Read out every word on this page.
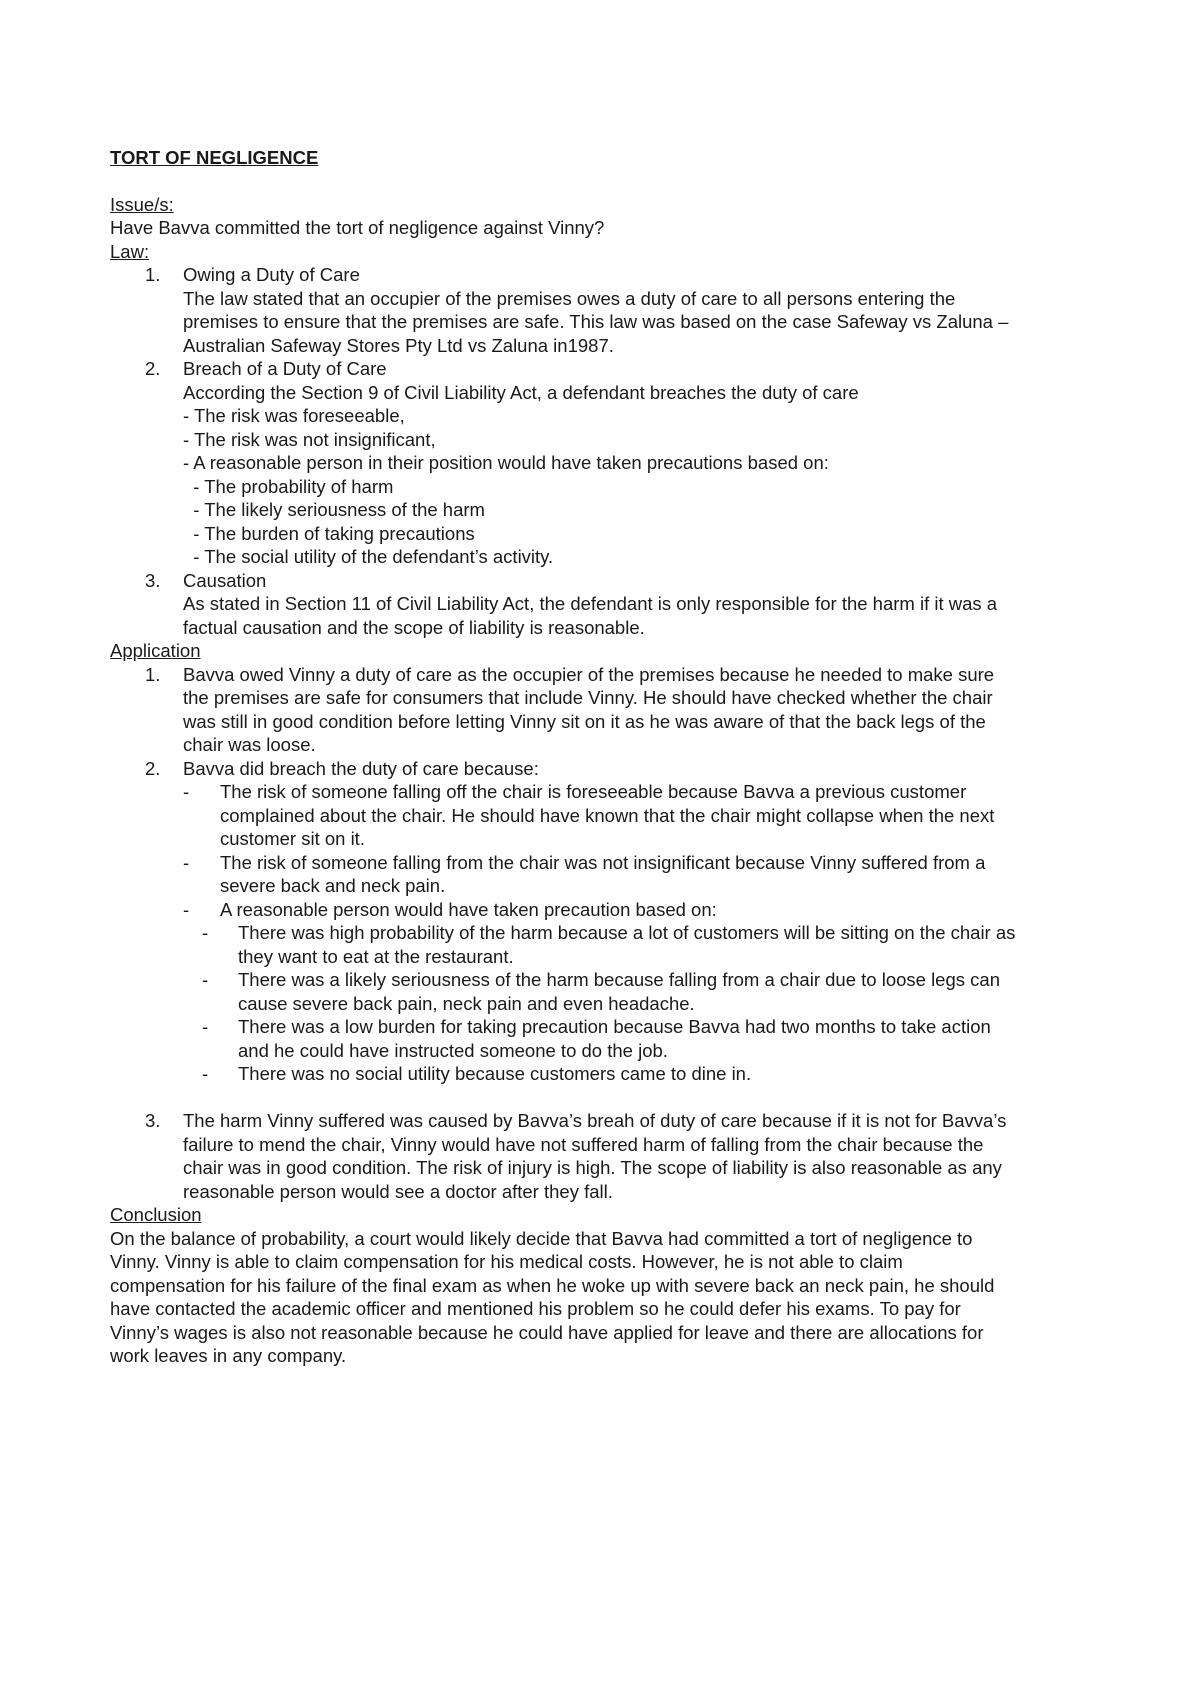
TORT OF NEGLIGENCE
Issue/s:
Have Bavva committed the tort of negligence against Vinny?
Law:
1. Owing a Duty of Care
The law stated that an occupier of the premises owes a duty of care to all persons entering the
premises to ensure that the premises are safe. This law was based on the case Safeway vs Zaluna –
Australian Safeway Stores Pty Ltd vs Zaluna in1987.
2. Breach of a Duty of Care
According the Section 9 of Civil Liability Act, a defendant breaches the duty of care
- The risk was foreseeable,
- The risk was not insignificant,
- A reasonable person in their position would have taken precautions based on:
- The probability of harm
- The likely seriousness of the harm
- The burden of taking precautions
- The social utility of the defendant’s activity.
3. Causation
As stated in Section 11 of Civil Liability Act, the defendant is only responsible for the harm if it was a
factual causation and the scope of liability is reasonable.
Application
1. Bavva owed Vinny a duty of care as the occupier of the premises because he needed to make sure
the premises are safe for consumers that include Vinny. He should have checked whether the chair
was still in good condition before letting Vinny sit on it as he was aware of that the back legs of the
chair was loose.
2. Bavva did breach the duty of care because:
- The risk of someone falling off the chair is foreseeable because Bavva a previous customer
complained about the chair. He should have known that the chair might collapse when the next
customer sit on it.
- The risk of someone falling from the chair was not insignificant because Vinny suffered from a
severe back and neck pain.
- A reasonable person would have taken precaution based on:
- There was high probability of the harm because a lot of customers will be sitting on the chair as
they want to eat at the restaurant.
- There was a likely seriousness of the harm because falling from a chair due to loose legs can
cause severe back pain, neck pain and even headache.
- There was a low burden for taking precaution because Bavva had two months to take action
and he could have instructed someone to do the job.
- There was no social utility because customers came to dine in.
3. The harm Vinny suffered was caused by Bavva’s breah of duty of care because if it is not for Bavva’s
failure to mend the chair, Vinny would have not suffered harm of falling from the chair because the
chair was in good condition. The risk of injury is high. The scope of liability is also reasonable as any
reasonable person would see a doctor after they fall.
Conclusion
On the balance of probability, a court would likely decide that Bavva had committed a tort of negligence to
Vinny. Vinny is able to claim compensation for his medical costs. However, he is not able to claim
compensation for his failure of the final exam as when he woke up with severe back an neck pain, he should
have contacted the academic officer and mentioned his problem so he could defer his exams. To pay for
Vinny’s wages is also not reasonable because he could have applied for leave and there are allocations for
work leaves in any company.
